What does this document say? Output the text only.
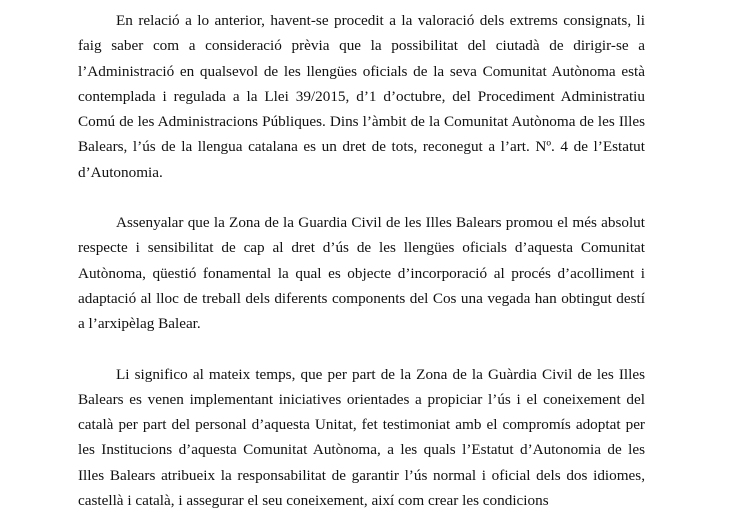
En relació a lo anterior, havent-se procedit a la valoració dels extrems consignats, li faig saber com a consideració prèvia que la possibilitat del ciutadà de dirigir-se a l’Administració en qualsevol de les llengües oficials de la seva Comunitat Autònoma està contemplada i regulada a la Llei 39/2015, d’1 d’octubre, del Procediment Administratiu Comú de les Administracions Públiques. Dins l’àmbit de la Comunitat Autònoma de les Illes Balears, l’ús de la llengua catalana es un dret de tots, reconegut a l’art. Nº. 4 de l’Estatut d’Autonomia.

Assenyalar que la Zona de la Guardia Civil de les Illes Balears promou el més absolut respecte i sensibilitat de cap al dret d’ús de les llengües oficials d’aquesta Comunitat Autònoma, qüestió fonamental la qual es objecte d’incorporació al procés d’acolliment i adaptació al lloc de treball dels diferents components del Cos una vegada han obtingut destí a l’arxipèlag Balear.

Li significo al mateix temps, que per part de la Zona de la Guàrdia Civil de les Illes Balears es venen implementant iniciatives orientades a propiciar l’ús i el coneixement del català per part del personal d’aquesta Unitat, fet testimoniat amb el compromís adoptat per les Institucions d’aquesta Comunitat Autònoma, a les quals l’Estatut d’Autonomia de les Illes Balears atribueix la responsabilitat de garantir l’ús normal i oficial dels dos idiomes, castellà i català, i assegurar el seu coneixement, així com crear les condicions
